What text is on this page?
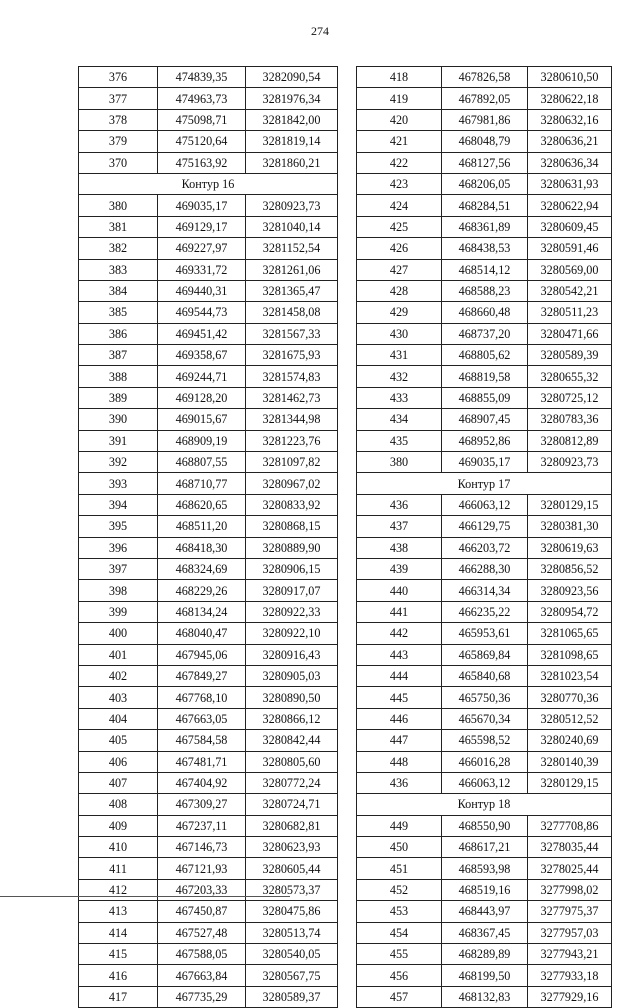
274
376	474839,35	3282090,54
377	474963,73	3281976,34
378	475098,71	3281842,00
379	475120,64	3281819,14
370	475163,92	3281860,21
Контур 16		
380	469035,17	3280923,73
381	469129,17	3281040,14
382	469227,97	3281152,54
383	469331,72	3281261,06
384	469440,31	3281365,47
385	469544,73	3281458,08
386	469451,42	3281567,33
387	469358,67	3281675,93
388	469244,71	3281574,83
389	469128,20	3281462,73
390	469015,67	3281344,98
391	468909,19	3281223,76
392	468807,55	3281097,82
393	468710,77	3280967,02
394	468620,65	3280833,92
395	468511,20	3280868,15
396	468418,30	3280889,90
397	468324,69	3280906,15
398	468229,26	3280917,07
399	468134,24	3280922,33
400	468040,47	3280922,10
401	467945,06	3280916,43
402	467849,27	3280905,03
403	467768,10	3280890,50
404	467663,05	3280866,12
405	467584,58	3280842,44
406	467481,71	3280805,60
407	467404,92	3280772,24
408	467309,27	3280724,71
409	467237,11	3280682,81
410	467146,73	3280623,93
411	467121,93	3280605,44
412	467203,33	3280573,37
413	467450,87	3280475,86
414	467527,48	3280513,74
415	467588,05	3280540,05
416	467663,84	3280567,75
417	467735,29	3280589,37
418	467826,58	3280610,50
419	467892,05	3280622,18
420	467981,86	3280632,16
421	468048,79	3280636,21
422	468127,56	3280636,34
423	468206,05	3280631,93
424	468284,51	3280622,94
425	468361,89	3280609,45
426	468438,53	3280591,46
427	468514,12	3280569,00
428	468588,23	3280542,21
429	468660,48	3280511,23
430	468737,20	3280471,66
431	468805,62	3280589,39
432	468819,58	3280655,32
433	468855,09	3280725,12
434	468907,45	3280783,36
435	468952,86	3280812,89
380	469035,17	3280923,73
Контур 17		
436	466063,12	3280129,15
437	466129,75	3280381,30
438	466203,72	3280619,63
439	466288,30	3280856,52
440	466314,34	3280923,56
441	466235,22	3280954,72
442	465953,61	3281065,65
443	465869,84	3281098,65
444	465840,68	3281023,54
445	465750,36	3280770,36
446	465670,34	3280512,52
447	465598,52	3280240,69
448	466016,28	3280140,39
436	466063,12	3280129,15
Контур 18		
449	468550,90	3277708,86
450	468617,21	3278035,44
451	468593,98	3278025,44
452	468519,16	3277998,02
453	468443,97	3277975,37
454	468367,45	3277957,03
455	468289,89	3277943,21
456	468199,50	3277933,18
457	468132,83	3277929,16
